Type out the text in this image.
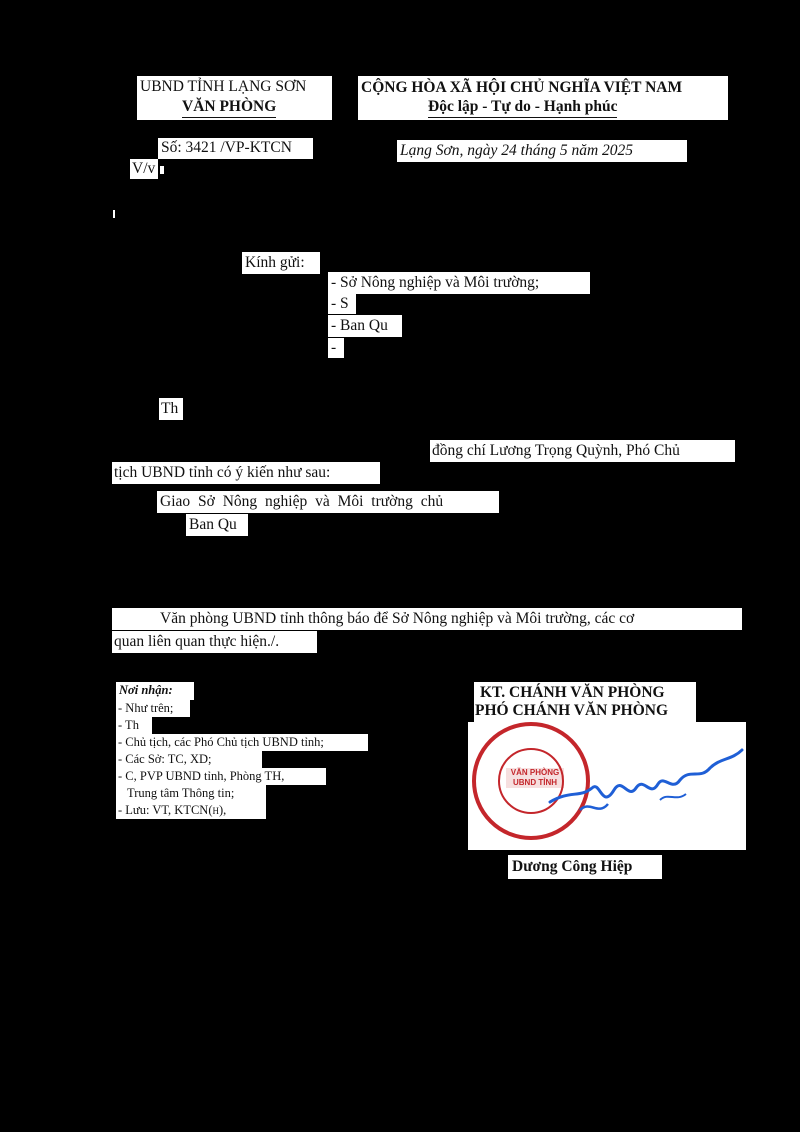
UBND TỈNH LẠNG SƠN
VĂN PHÒNG
CỘNG HÒA XÃ HỘI CHỦ NGHĨA VIỆT NAM
Độc lập - Tự do - Hạnh phúc
Số: 3421 /VP-KTCN
V/v
Lạng Sơn, ngày 24 tháng 5 năm 2025
Kính gửi:
- Sở Nông nghiệp và Môi trường;
- S
- Ban Qu
-
Th
đồng chí Lương Trọng Quỳnh, Phó Chủ
tịch UBND tỉnh có ý kiến như sau:
Giao Sở Nông nghiệp và Môi trường chủ
Ban Qu
Văn phòng UBND tỉnh thông báo để Sở Nông nghiệp và Môi trường, các cơ
quan liên quan thực hiện./.
Nơi nhận:
- Như trên;
- Th
- Chủ tịch, các Phó Chủ tịch UBND tỉnh;
- Các Sở: TC, XD;
- C, PVP UBND tỉnh, Phòng TH,
Trung tâm Thông tin;
- Lưu: VT, KTCN(H),
KT. CHÁNH VĂN PHÒNG
PHÓ CHÁNH VĂN PHÒNG
VĂN PHÒNG UBND TỈNH
Dương Công Hiệp
